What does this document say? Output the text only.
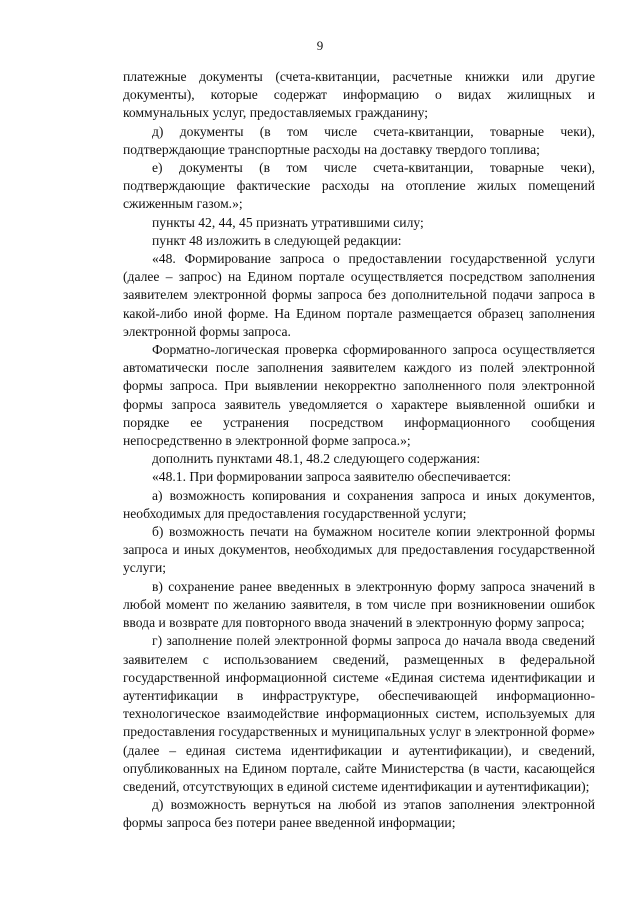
9

платежные документы (счета-квитанции, расчетные книжки или другие документы), которые содержат информацию о видах жилищных и коммунальных услуг, предоставляемых гражданину;

д) документы (в том числе счета-квитанции, товарные чеки), подтверждающие транспортные расходы на доставку твердого топлива;

е) документы (в том числе счета-квитанции, товарные чеки), подтверждающие фактические расходы на отопление жилых помещений сжиженным газом.»;

пункты 42, 44, 45 признать утратившими силу;

пункт 48 изложить в следующей редакции:

«48. Формирование запроса о предоставлении государственной услуги (далее – запрос) на Едином портале осуществляется посредством заполнения заявителем электронной формы запроса без дополнительной подачи запроса в какой-либо иной форме. На Едином портале размещается образец заполнения электронной формы запроса.

Форматно-логическая проверка сформированного запроса осуществляется автоматически после заполнения заявителем каждого из полей электронной формы запроса. При выявлении некорректно заполненного поля электронной формы запроса заявитель уведомляется о характере выявленной ошибки и порядке ее устранения посредством информационного сообщения непосредственно в электронной форме запроса.»;

дополнить пунктами 48.1, 48.2 следующего содержания:

«48.1. При формировании запроса заявителю обеспечивается:

а) возможность копирования и сохранения запроса и иных документов, необходимых для предоставления государственной услуги;

б) возможность печати на бумажном носителе копии электронной формы запроса и иных документов, необходимых для предоставления государственной услуги;

в) сохранение ранее введенных в электронную форму запроса значений в любой момент по желанию заявителя, в том числе при возникновении ошибок ввода и возврате для повторного ввода значений в электронную форму запроса;

г) заполнение полей электронной формы запроса до начала ввода сведений заявителем с использованием сведений, размещенных в федеральной государственной информационной системе «Единая система идентификации и аутентификации в инфраструктуре, обеспечивающей информационно-технологическое взаимодействие информационных систем, используемых для предоставления государственных и муниципальных услуг в электронной форме» (далее – единая система идентификации и аутентификации), и сведений, опубликованных на Едином портале, сайте Министерства (в части, касающейся сведений, отсутствующих в единой системе идентификации и аутентификации);

д) возможность вернуться на любой из этапов заполнения электронной формы запроса без потери ранее введенной информации;
